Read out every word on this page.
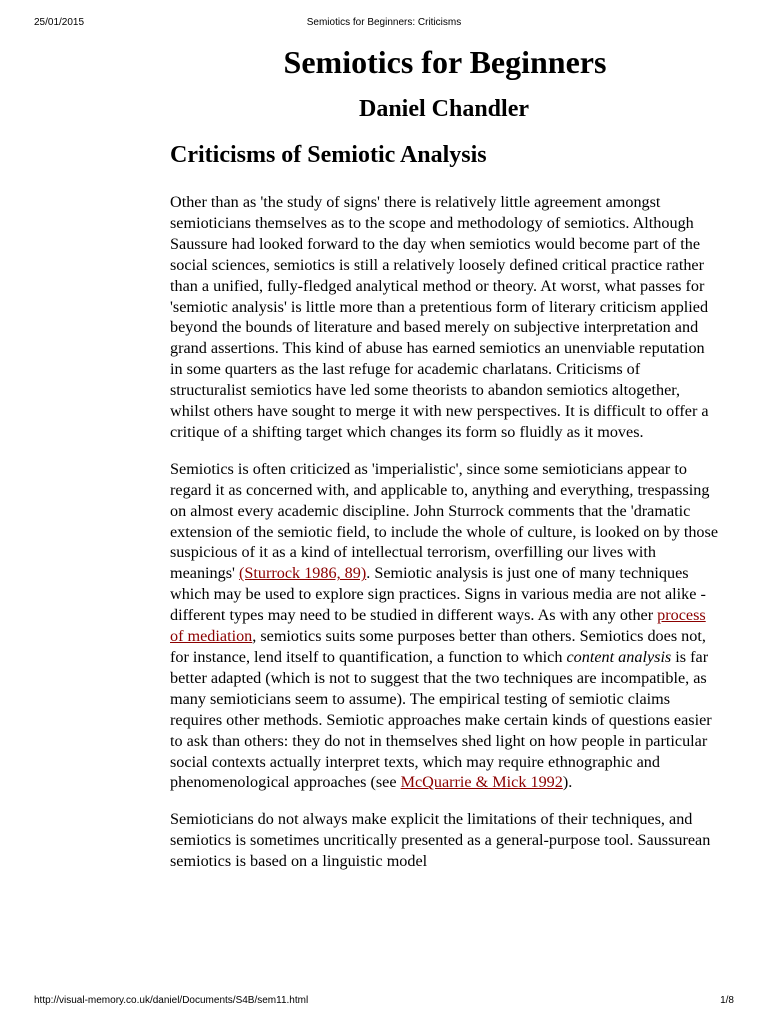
25/01/2015	Semiotics for Beginners: Criticisms
Semiotics for Beginners
Daniel Chandler
Criticisms of Semiotic Analysis

Other than as 'the study of signs' there is relatively little agreement amongst semioticians themselves as to the scope and methodology of semiotics. Although Saussure had looked forward to the day when semiotics would become part of the social sciences, semiotics is still a relatively loosely defined critical practice rather than a unified, fully-fledged analytical method or theory. At worst, what passes for 'semiotic analysis' is little more than a pretentious form of literary criticism applied beyond the bounds of literature and based merely on subjective interpretation and grand assertions. This kind of abuse has earned semiotics an unenviable reputation in some quarters as the last refuge for academic charlatans. Criticisms of structuralist semiotics have led some theorists to abandon semiotics altogether, whilst others have sought to merge it with new perspectives. It is difficult to offer a critique of a shifting target which changes its form so fluidly as it moves.

Semiotics is often criticized as 'imperialistic', since some semioticians appear to regard it as concerned with, and applicable to, anything and everything, trespassing on almost every academic discipline. John Sturrock comments that the 'dramatic extension of the semiotic field, to include the whole of culture, is looked on by those suspicious of it as a kind of intellectual terrorism, overfilling our lives with meanings' (Sturrock 1986, 89). Semiotic analysis is just one of many techniques which may be used to explore sign practices. Signs in various media are not alike - different types may need to be studied in different ways. As with any other process of mediation, semiotics suits some purposes better than others. Semiotics does not, for instance, lend itself to quantification, a function to which content analysis is far better adapted (which is not to suggest that the two techniques are incompatible, as many semioticians seem to assume). The empirical testing of semiotic claims requires other methods. Semiotic approaches make certain kinds of questions easier to ask than others: they do not in themselves shed light on how people in particular social contexts actually interpret texts, which may require ethnographic and phenomenological approaches (see McQuarrie & Mick 1992).

Semioticians do not always make explicit the limitations of their techniques, and semiotics is sometimes uncritically presented as a general-purpose tool. Saussurean semiotics is based on a linguistic model

http://visual-memory.co.uk/daniel/Documents/S4B/sem11.html	1/8
